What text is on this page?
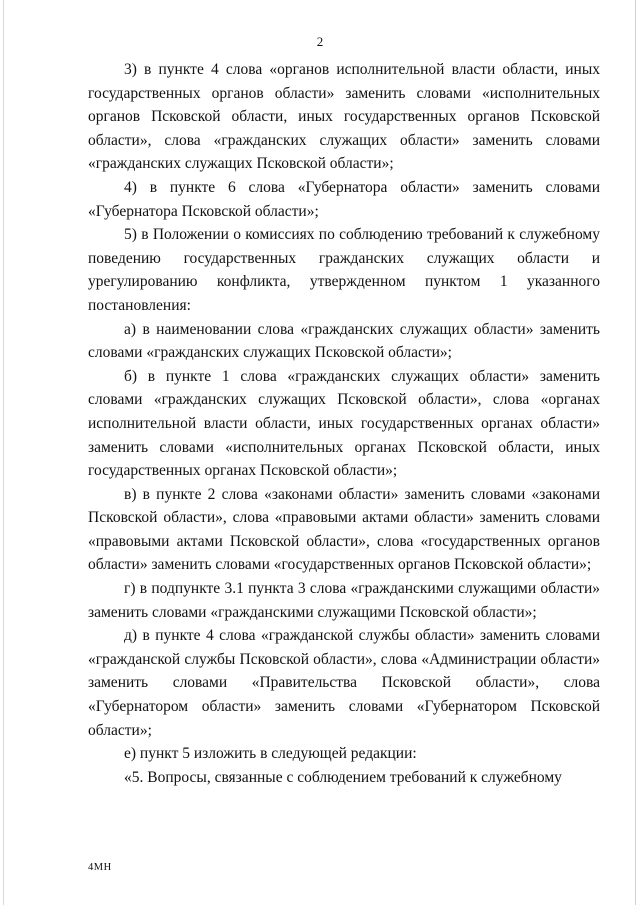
2

3) в пункте 4 слова «органов исполнительной власти области, иных государственных органов области» заменить словами «исполнительных органов Псковской области, иных государственных органов Псковской области», слова «гражданских служащих области» заменить словами «гражданских служащих Псковской области»;

4) в пункте 6 слова «Губернатора области» заменить словами «Губернатора Псковской области»;

5) в Положении о комиссиях по соблюдению требований к служебному поведению государственных гражданских служащих области и урегулированию конфликта, утвержденном пунктом 1 указанного постановления:

а) в наименовании слова «гражданских служащих области» заменить словами «гражданских служащих Псковской области»;

б) в пункте 1 слова «гражданских служащих области» заменить словами «гражданских служащих Псковской области», слова «органах исполнительной власти области, иных государственных органах области» заменить словами «исполнительных органах Псковской области, иных государственных органах Псковской области»;

в) в пункте 2 слова «законами области» заменить словами «законами Псковской области», слова «правовыми актами области» заменить словами «правовыми актами Псковской области», слова «государственных органов области» заменить словами «государственных органов Псковской области»;

г) в подпункте 3.1 пункта 3 слова «гражданскими служащими области» заменить словами «гражданскими служащими Псковской области»;

д) в пункте 4 слова «гражданской службы области» заменить словами «гражданской службы Псковской области», слова «Администрации области» заменить словами «Правительства Псковской области», слова «Губернатором области» заменить словами «Губернатором Псковской области»;

е) пункт 5 изложить в следующей редакции:

«5. Вопросы, связанные с соблюдением требований к служебному

4МН
